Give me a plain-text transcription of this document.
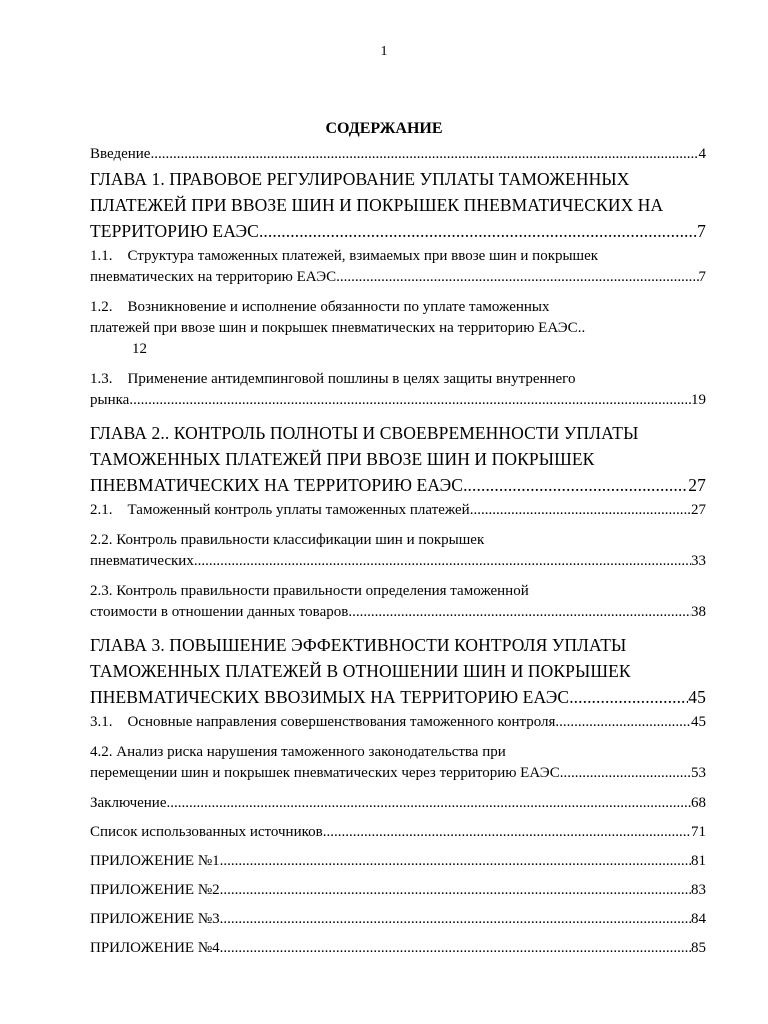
1
СОДЕРЖАНИЕ
Введение .....	4
ГЛАВА 1. ПРАВОВОЕ РЕГУЛИРОВАНИЕ УПЛАТЫ ТАМОЖЕННЫХ
ПЛАТЕЖЕЙ ПРИ ВВОЗЕ ШИН И ПОКРЫШЕК ПНЕВМАТИЧЕСКИХ НА
ТЕРРИТОРИЮ ЕАЭС .....	7
1.1.    Структура таможенных платежей, взимаемых при ввозе шин и покрышек
пневматических на территорию ЕАЭС .....	7
1.2.    Возникновение и исполнение обязанности по уплате таможенных
платежей при ввозе шин и покрышек пневматических на территорию ЕАЭС..
12
1.3.    Применение антидемпинговой пошлины в целях защиты внутреннего
рынка .....	19
ГЛАВА 2.. КОНТРОЛЬ ПОЛНОТЫ И СВОЕВРЕМЕННОСТИ УПЛАТЫ
ТАМОЖЕННЫХ ПЛАТЕЖЕЙ ПРИ ВВОЗЕ ШИН И ПОКРЫШЕК
ПНЕВМАТИЧЕСКИХ НА ТЕРРИТОРИЮ ЕАЭС .....	27
2.1.    Таможенный контроль уплаты таможенных платежей .....	27
2.2. Контроль правильности классификации шин и покрышек
пневматических .....	33
2.3. Контроль правильности правильности определения таможенной
стоимости в отношении данных товаров .....	38
ГЛАВА 3. ПОВЫШЕНИЕ ЭФФЕКТИВНОСТИ КОНТРОЛЯ УПЛАТЫ
ТАМОЖЕННЫХ ПЛАТЕЖЕЙ В ОТНОШЕНИИ ШИН И ПОКРЫШЕК
ПНЕВМАТИЧЕСКИХ ВВОЗИМЫХ НА ТЕРРИТОРИЮ ЕАЭС .....	45
3.1.    Основные направления совершенствования таможенного контроля .....	45
4.2. Анализ риска нарушения таможенного законодательства при
перемещении шин и покрышек пневматических через территорию ЕАЭС .....	53
Заключение .....	68
Список использованных источников .....	71
ПРИЛОЖЕНИЕ №1 .....	81
ПРИЛОЖЕНИЕ №2 .....	83
ПРИЛОЖЕНИЕ №3 .....	84
ПРИЛОЖЕНИЕ №4 .....	85
